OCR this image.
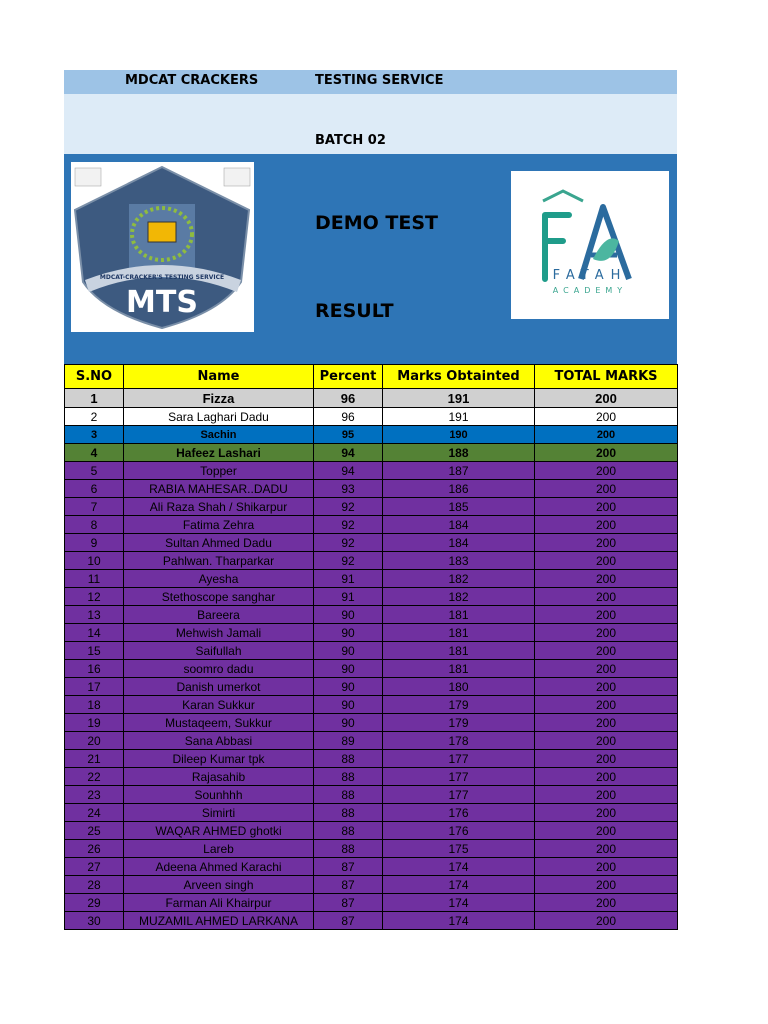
MDCAT CRACKERS	TESTING SERVICE
BATCH 02
MDCAT-CRACKER'S TESTING SERVICE
MTS
DEMO TEST
RESULT
FATAH
ACADEMY
S.NO	Name	Percent	Marks Obtainted	TOTAL MARKS
1	Fizza	96	191	200
2	Sara Laghari Dadu	96	191	200
3	Sachin	95	190	200
4	Hafeez Lashari	94	188	200
5	Topper	94	187	200
6	RABIA MAHESAR..DADU	93	186	200
7	Ali Raza Shah / Shikarpur	92	185	200
8	Fatima Zehra	92	184	200
9	Sultan Ahmed Dadu	92	184	200
10	Pahlwan. Tharparkar	92	183	200
11	Ayesha	91	182	200
12	Stethoscope sanghar	91	182	200
13	Bareera	90	181	200
14	Mehwish Jamali	90	181	200
15	Saifullah	90	181	200
16	soomro dadu	90	181	200
17	Danish umerkot	90	180	200
18	Karan Sukkur	90	179	200
19	Mustaqeem, Sukkur	90	179	200
20	Sana Abbasi	89	178	200
21	Dileep Kumar tpk	88	177	200
22	Rajasahib	88	177	200
23	Sounhhh	88	177	200
24	Simirti	88	176	200
25	WAQAR AHMED ghotki	88	176	200
26	Lareb	88	175	200
27	Adeena Ahmed Karachi	87	174	200
28	Arveen singh	87	174	200
29	Farman Ali Khairpur	87	174	200
30	MUZAMIL AHMED LARKANA	87	174	200
